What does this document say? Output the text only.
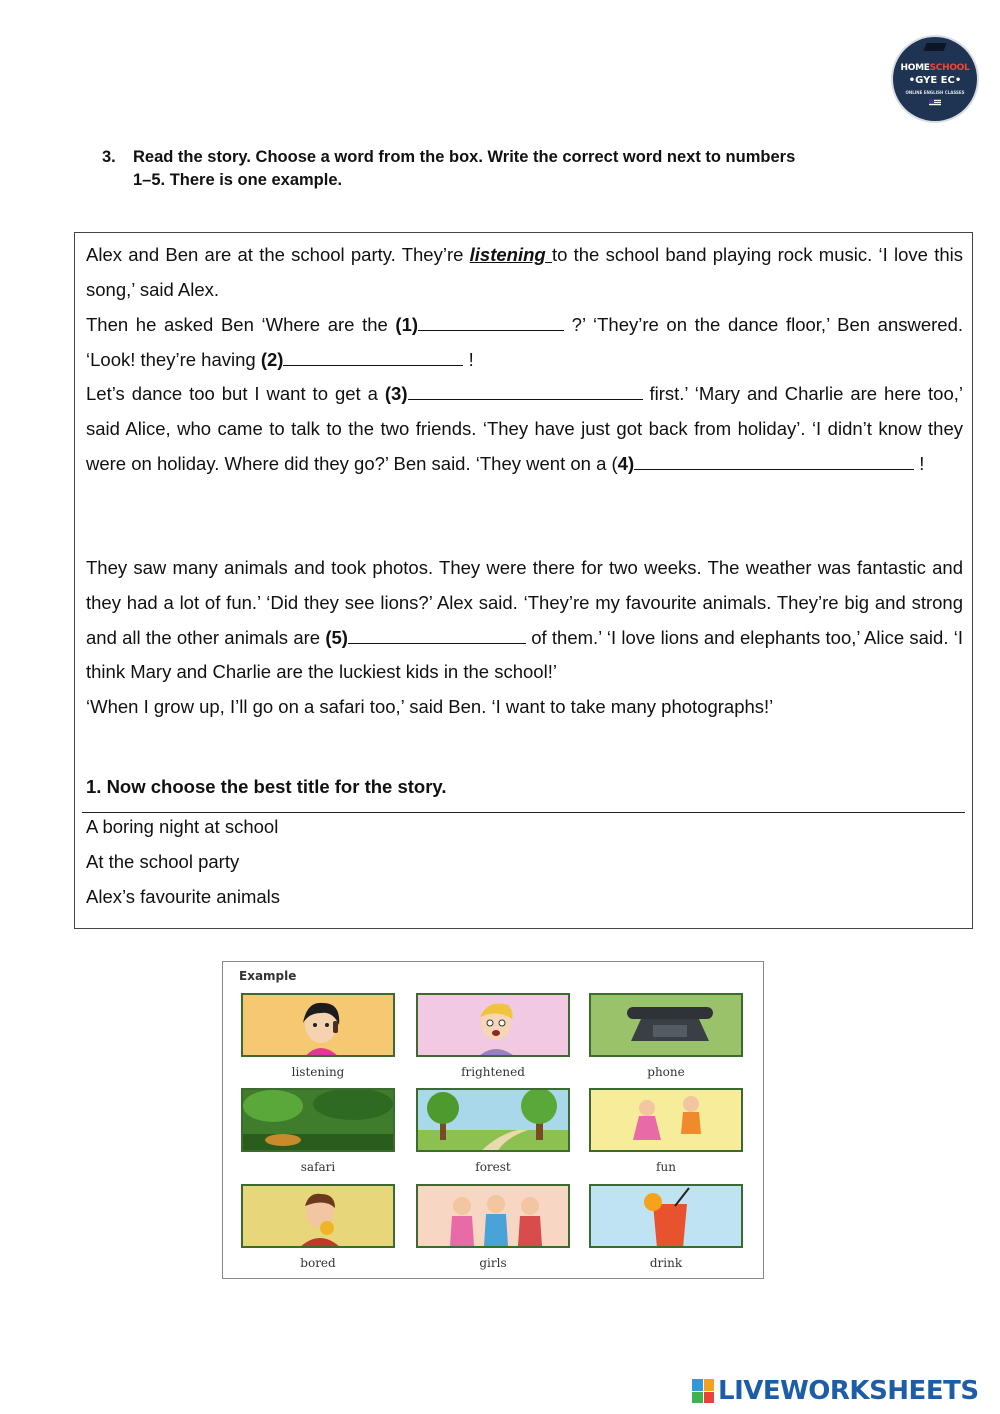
HOMESCHOOL
•GYE EC•
ONLINE ENGLISH CLASSES
3. Read the story. Choose a word from the box. Write the correct word next to numbers
1–5. There is one example.

Alex and Ben are at the school party. They’re listening to the school band playing rock music. ‘I love this song,’ said Alex.

Then he asked Ben ‘Where are the (1)	?’ ‘They’re on the dance floor,’ Ben answered. ‘Look! they’re having (2)	!

Let’s dance too but I want to get a (3)	first.’ ‘Mary and Charlie are here too,’ said Alice, who came to talk to the two friends. ‘They have just got back from holiday’. ‘I didn’t know they were on holiday. Where did they go?’ Ben said. ‘They went on a (4)	!

They saw many animals and took photos. They were there for two weeks. The weather was fantastic and they had a lot of fun.’ ‘Did they see lions?’ Alex said. ‘They’re my favourite animals. They’re big and strong and all the other animals are (5)	of them.’ ‘I love lions and elephants too,’ Alice said. ‘I think Mary and Charlie are the luckiest kids in the school!’

‘When I grow up, I’ll go on a safari too,’ said Ben. ‘I want to take many photographs!’

1. Now choose the best title for the story.
A boring night at school
At the school party
Alex’s favourite animals
Example
listening	frightened	phone
safari	forest	fun
bored	girls	drink
LIVEWORKSHEETS
